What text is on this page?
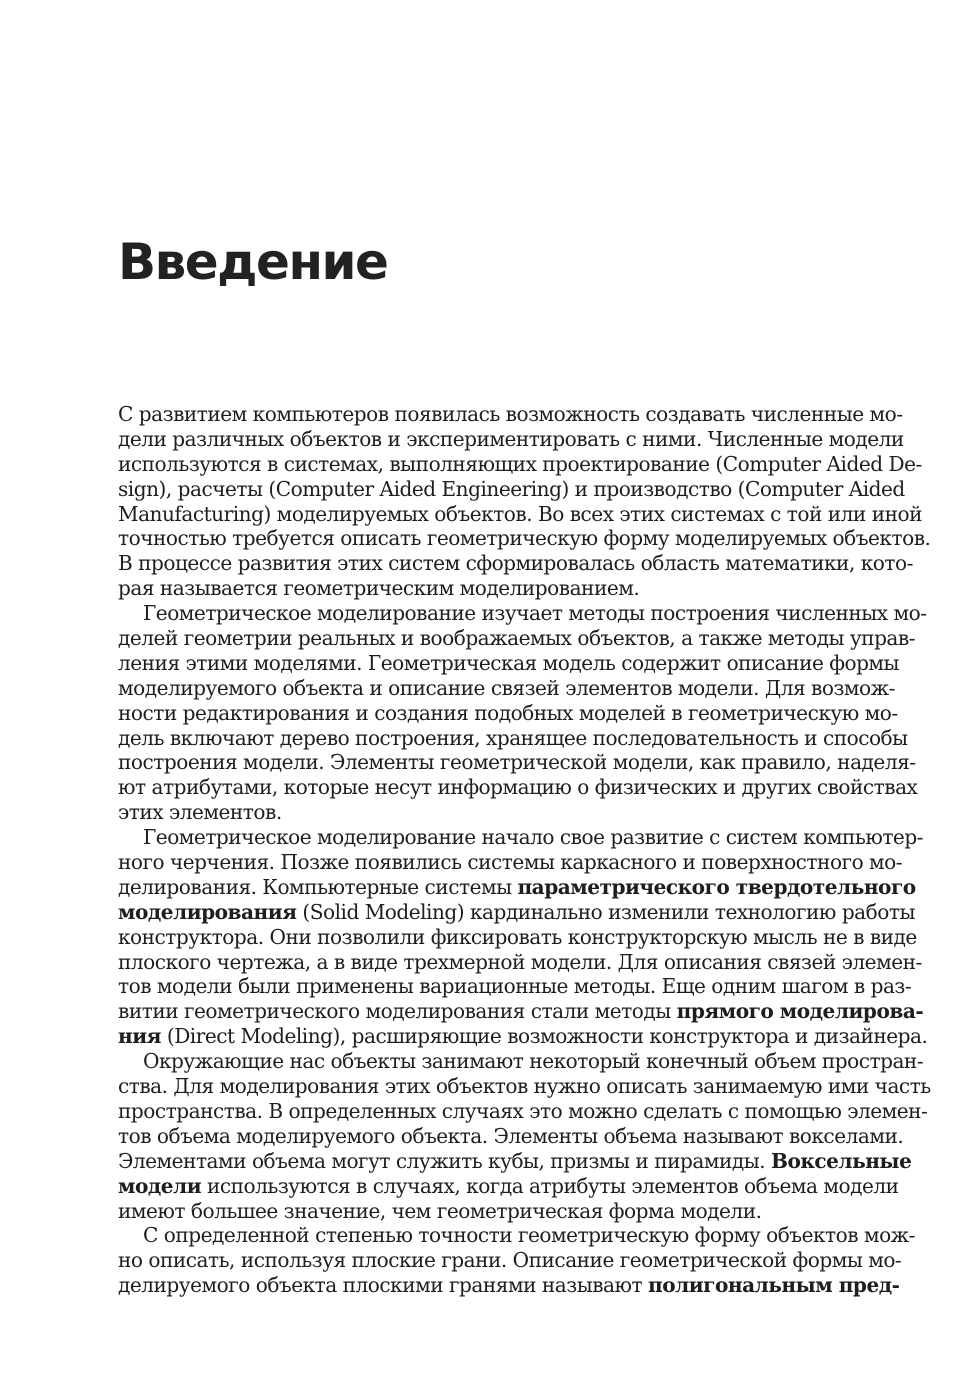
Введение
С развитием компьютеров появилась возможность создавать численные мо-
дели различных объектов и экспериментировать с ними. Численные модели
используются в системах, выполняющих проектирование (Computer Aided De-
sign), расчеты (Computer Aided Engineering) и производство (Computer Aided
Manufacturing) моделируемых объектов. Во всех этих системах с той или иной
точностью требуется описать геометрическую форму моделируемых объектов.
В процессе развития этих систем сформировалась область математики, кото-
рая называется геометрическим моделированием.
Геометрическое моделирование изучает методы построения численных мо-
делей геометрии реальных и воображаемых объектов, а также методы управ-
ления этими моделями. Геометрическая модель содержит описание формы
моделируемого объекта и описание связей элементов модели. Для возмож-
ности редактирования и создания подобных моделей в геометрическую мо-
дель включают дерево построения, хранящее последовательность и способы
построения модели. Элементы геометрической модели, как правило, наделя-
ют атрибутами, которые несут информацию о физических и других свойствах
этих элементов.
Геометрическое моделирование начало свое развитие с систем компьютер-
ного черчения. Позже появились системы каркасного и поверхностного мо-
делирования. Компьютерные системы параметрического твердотельного
моделирования (Solid Modeling) кардинально изменили технологию работы
конструктора. Они позволили фиксировать конструкторскую мысль не в виде
плоского чертежа, а в виде трехмерной модели. Для описания связей элемен-
тов модели были применены вариационные методы. Еще одним шагом в раз-
витии геометрического моделирования стали методы прямого моделирова-
ния (Direct Modeling), расширяющие возможности конструктора и дизайнера.
Окружающие нас объекты занимают некоторый конечный объем простран-
ства. Для моделирования этих объектов нужно описать занимаемую ими часть
пространства. В определенных случаях это можно сделать с помощью элемен-
тов объема моделируемого объекта. Элементы объема называют вокселами.
Элементами объема могут служить кубы, призмы и пирамиды. Воксельные
модели используются в случаях, когда атрибуты элементов объема модели
имеют большее значение, чем геометрическая форма модели.
С определенной степенью точности геометрическую форму объектов мож-
но описать, используя плоские грани. Описание геометрической формы мо-
делируемого объекта плоскими гранями называют полигональным пред-
